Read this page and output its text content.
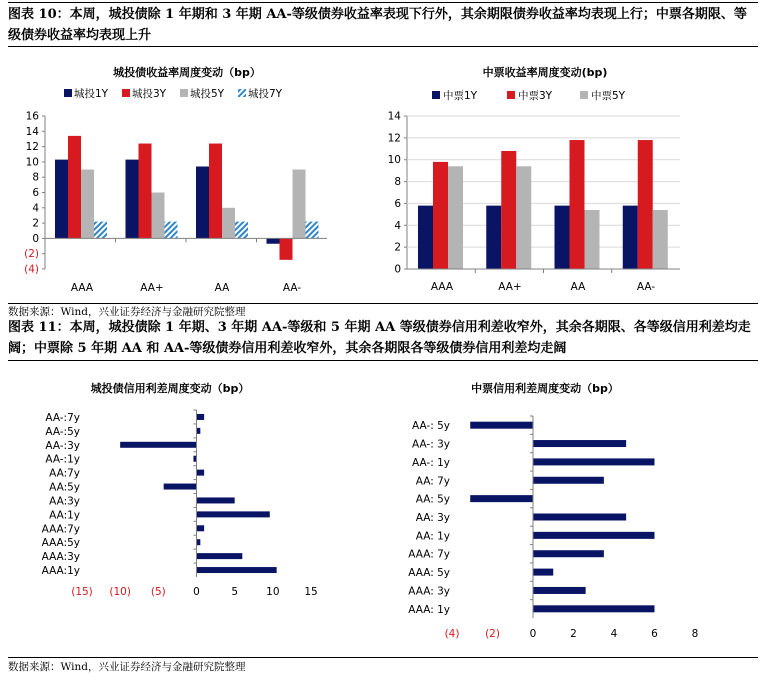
图表 10：本周，城投债除 1 年期和 3 年期 AA-等级债券收益率表现下行外，其余期限债券收益率均表现上行；中票各期限、等级债券收益率均表现上升
数据来源：Wind，兴业证券经济与金融研究院整理
图表 11：本周，城投债除 1 年期、3 年期 AA-等级和 5 年期 AA 等级债券信用利差收窄外，其余各期限、各等级信用利差均走阔；中票除 5 年期 AA 和 AA-等级债券信用利差收窄外，其余各期限各等级债券信用利差均走阔
数据来源：Wind，兴业证券经济与金融研究院整理
城投债收益率周度变动（bp）
城投1Y 城投3Y 城投5Y 城投7Y
AAA	AA+	AA	AA-
中票收益率周度变动(bp)
中票1Y	中票3Y	中票5Y
AAA	AA+	AA	AA-
城投债信用利差周度变动（bp）	中票信用利差周度变动（bp）
(4)
(2)
0
2
4
6
8
10
12
14
16
0
2
4
6
8
10
12
14
AA-:7y
AA-:5y
AA-:3y
AA-:1y
AA:7y
AA:5y
AA:3y
AA:1y
AAA:7y
AAA:5y
AAA:3y
AAA:1y
(15) (10) (5)	0	5	10 15
AA-: 5y
AA-: 3y
AA-: 1y
AA: 7y
AA: 5y
AA: 3y
AA: 1y
AAA: 7y
AAA: 5y
AAA: 3y
AAA: 1y
(4) (2)	0	2	4	6	8
